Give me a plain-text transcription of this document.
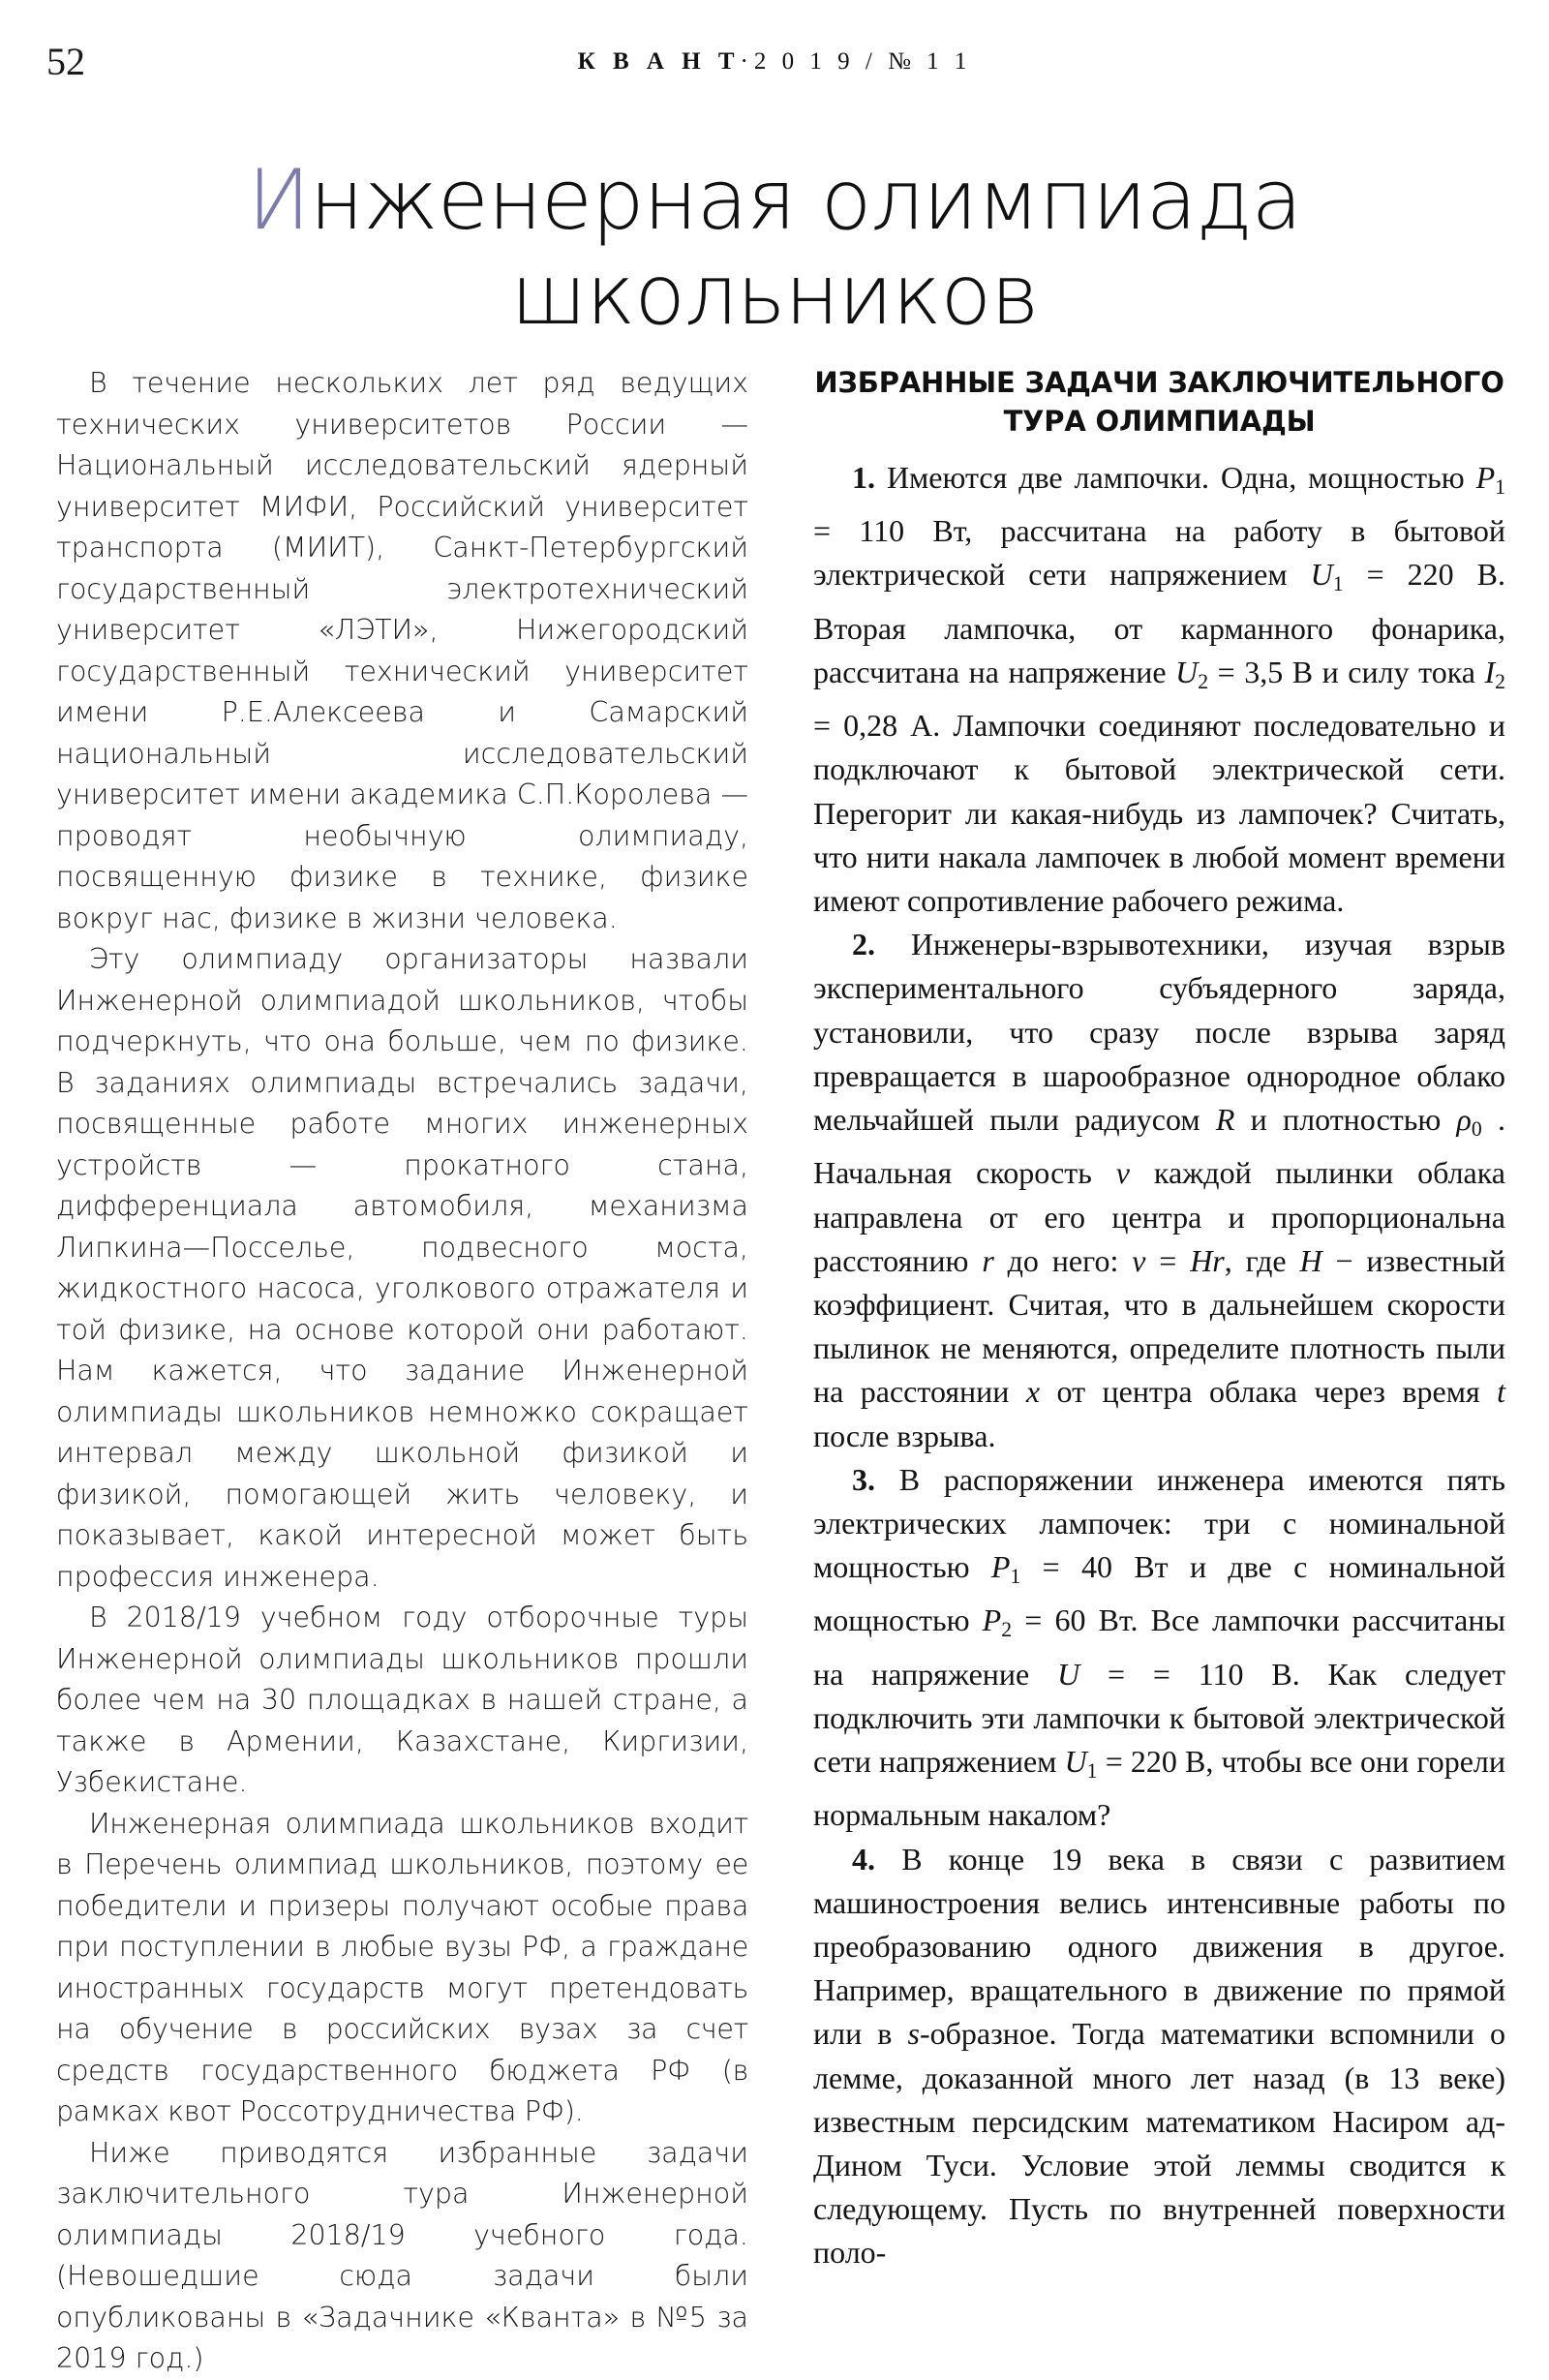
52	К В А Н Т·2 0 1 9 / № 1 1
Инженерная олимпиада
школьников

В течение нескольких лет ряд ведущих технических университетов России — Национальный исследовательский ядерный университет МИФИ, Российский университет транспорта (МИИТ), Санкт-Петербургский государственный электротехнический университет «ЛЭТИ», Нижегородский государственный технический университет имени Р.Е.Алексеева и Самарский национальный исследовательский университет имени академика С.П.Королева — проводят необычную олимпиаду, посвященную физике в технике, физике вокруг нас, физике в жизни человека.

Эту олимпиаду организаторы назвали Инженерной олимпиадой школьников, чтобы подчеркнуть, что она больше, чем по физике. В заданиях олимпиады встречались задачи, посвященные работе многих инженерных устройств — прокатного стана, дифференциала автомобиля, механизма Липкина—Посселье, подвесного моста, жидкостного насоса, уголкового отражателя и той физике, на основе которой они работают. Нам кажется, что задание Инженерной олимпиады школьников немножко сокращает интервал между школьной физикой и физикой, помогающей жить человеку, и показывает, какой интересной может быть профессия инженера.

В 2018/19 учебном году отборочные туры Инженерной олимпиады школьников прошли более чем на 30 площадках в нашей стране, а также в Армении, Казахстане, Киргизии, Узбекистане.

Инженерная олимпиада школьников входит в Перечень олимпиад школьников, поэтому ее победители и призеры получают особые права при поступлении в любые вузы РФ, а граждане иностранных государств могут претендовать на обучение в российских вузах за счет средств государственного бюджета РФ (в рамках квот Россотрудничества РФ).

Ниже приводятся избранные задачи заключительного тура Инженерной олимпиады 2018/19 учебного года. (Невошедшие сюда задачи были опубликованы в «Задачнике «Кванта» в №5 за 2019 год.)

ИЗБРАННЫЕ ЗАДАЧИ ЗАКЛЮЧИТЕЛЬНОГО
ТУРА ОЛИМПИАДЫ

1. Имеются две лампочки. Одна, мощностью $P_1 = 110$ Вт, рассчитана на работу в бытовой электрической сети напряжением $U_1 = 220$ В. Вторая лампочка, от карманного фонарика, рассчитана на напряжение $U_2 = 3,5$ В и силу тока $I_2 = 0,28$ А. Лампочки соединяют последовательно и подключают к бытовой электрической сети. Перегорит ли какая-нибудь из лампочек? Считать, что нити накала лампочек в любой момент времени имеют сопротивление рабочего режима.

2. Инженеры-взрывотехники, изучая взрыв экспериментального субъядерного заряда, установили, что сразу после взрыва заряд превращается в шарообразное однородное облако мельчайшей пыли радиусом R и плотностью $\rho_0$ . Начальная скорость v каждой пылинки облака направлена от его центра и пропорциональна расстоянию r до него: v = Hr, где H − известный коэффициент. Считая, что в дальнейшем скорости пылинок не меняются, определите плотность пыли на расстоянии x от центра облака через время t после взрыва.

3. В распоряжении инженера имеются пять электрических лампочек: три с номинальной мощностью $P_1 = 40$ Вт и две с номинальной мощностью $P_2 = 60$ Вт. Все лампочки рассчитаны на напряжение U = = 110 В. Как следует подключить эти лампочки к бытовой электрической сети напряжением $U_1 = 220$ В, чтобы все они горели нормальным накалом?

4. В конце 19 века в связи с развитием машиностроения велись интенсивные работы по преобразованию одного движения в другое. Например, вращательного в движение по прямой или в s-образное. Тогда математики вспомнили о лемме, доказанной много лет назад (в 13 веке) известным персидским математиком Насиром ад-Дином Туси. Условие этой леммы сводится к следующему. Пусть по внутренней поверхности поло-
